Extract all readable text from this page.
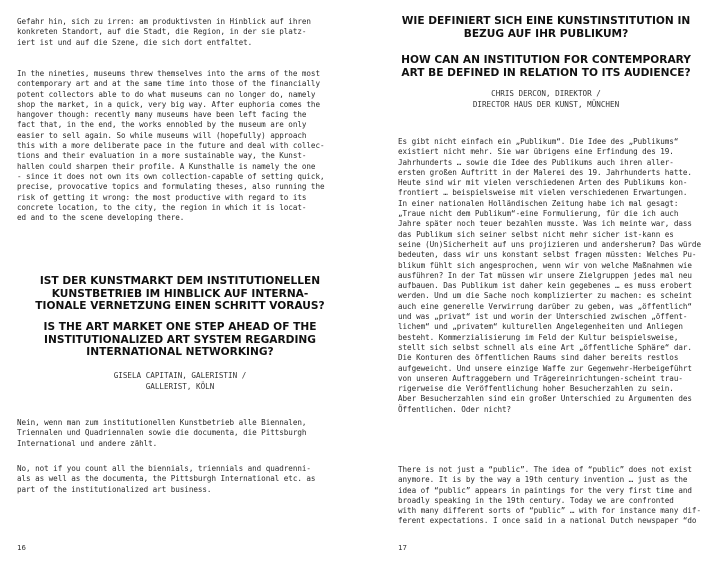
Gefahr hin, sich zu irren: am produktivsten in Hinblick auf ihren
konkreten Standort, auf die Stadt, die Region, in der sie platz-
iert ist und auf die Szene, die sich dort entfaltet.
In the nineties, museums threw themselves into the arms of the most
contemporary art and at the same time into those of the financially
potent collectors able to do what museums can no longer do, namely
shop the market, in a quick, very big way. After euphoria comes the
hangover though: recently many museums have been left facing the
fact that, in the end, the works ennobled by the museum are only
easier to sell again. So while museums will (hopefully) approach
this with a more deliberate pace in the future and deal with collec-
tions and their evaluation in a more sustainable way, the Kunst-
hallen could sharpen their profile. A Kunsthalle is namely the one
- since it does not own its own collection-capable of setting quick,
precise, provocative topics and formulating theses, also running the
risk of getting it wrong: the most productive with regard to its
concrete location, to the city, the region in which it is locat-
ed and to the scene developing there.

IST DER KUNSTMARKT DEM INSTITUTIONELLEN
KUNSTBETRIEB IM HINBLICK AUF INTERNA-
TIONALE VERNETZUNG EINEN SCHRITT VORAUS?

IS THE ART MARKET ONE STEP AHEAD OF THE
INSTITUTIONALIZED ART SYSTEM REGARDING
INTERNATIONAL NETWORKING?

GISELA CAPITAIN, GALERISTIN /
GALLERIST, KÖLN

Nein, wenn man zum institutionellen Kunstbetrieb alle Biennalen,
Triennalen und Quadriennalen sowie die documenta, die Pittsburgh
International und andere zählt.
No, not if you count all the biennials, triennials and quadrenni-
als as well as the documenta, the Pittsburgh International etc. as
part of the institutionalized art business.
16

WIE DEFINIERT SICH EINE KUNSTINSTITUTION IN
BEZUG AUF IHR PUBLIKUM?

HOW CAN AN INSTITUTION FOR CONTEMPORARY
ART BE DEFINED IN RELATION TO ITS AUDIENCE?

CHRIS DERCON, DIREKTOR /
DIRECTOR HAUS DER KUNST, MÜNCHEN

Es gibt nicht einfach ein „Publikum“. Die Idee des „Publikums“
existiert nicht mehr. Sie war übrigens eine Erfindung des 19.
Jahrhunderts … sowie die Idee des Publikums auch ihren aller-
ersten großen Auftritt in der Malerei des 19. Jahrhunderts hatte.
Heute sind wir mit vielen verschiedenen Arten des Publikums kon-
frontiert … beispielsweise mit vielen verschiedenen Erwartungen.
In einer nationalen Holländischen Zeitung habe ich mal gesagt:
„Traue nicht dem Publikum“-eine Formulierung, für die ich auch
Jahre später noch teuer bezahlen musste. Was ich meinte war, dass
das Publikum sich seiner selbst nicht mehr sicher ist-kann es
seine (Un)Sicherheit auf uns projizieren und andersherum? Das würde
bedeuten, dass wir uns konstant selbst fragen müssten: Welches Pu-
blikum fühlt sich angesprochen, wenn wir von welche Maßnahmen wie
ausführen? In der Tat müssen wir unsere Zielgruppen jedes mal neu
aufbauen. Das Publikum ist daher kein gegebenes … es muss erobert
werden. Und um die Sache noch komplizierter zu machen: es scheint
auch eine generelle Verwirrung darüber zu geben, was „öffentlich“
und was „privat“ ist und worin der Unterschied zwischen „öffent-
lichem“ und „privatem“ kulturellen Angelegenheiten und Anliegen
besteht. Kommerzialisierung im Feld der Kultur beispielsweise,
stellt sich selbst schnell als eine Art „öffentliche Sphäre“ dar.
Die Konturen des öffentlichen Raums sind daher bereits restlos
aufgeweicht. Und unsere einzige Waffe zur Gegenwehr-Herbeigeführt
von unseren Auftraggebern und Trägereinrichtungen-scheint trau-
rigerweise die Veröffentlichung hoher Besucherzahlen zu sein.
Aber Besucherzahlen sind ein großer Unterschied zu Argumenten des
Öffentlichen. Oder nicht?
There is not just a “public”. The idea of “public” does not exist
anymore. It is by the way a 19th century invention … just as the
idea of “public” appears in paintings for the very first time and
broadly speaking in the 19th century. Today we are confronted
with many different sorts of “public” … with for instance many dif-
ferent expectations. I once said in a national Dutch newspaper “do
17
